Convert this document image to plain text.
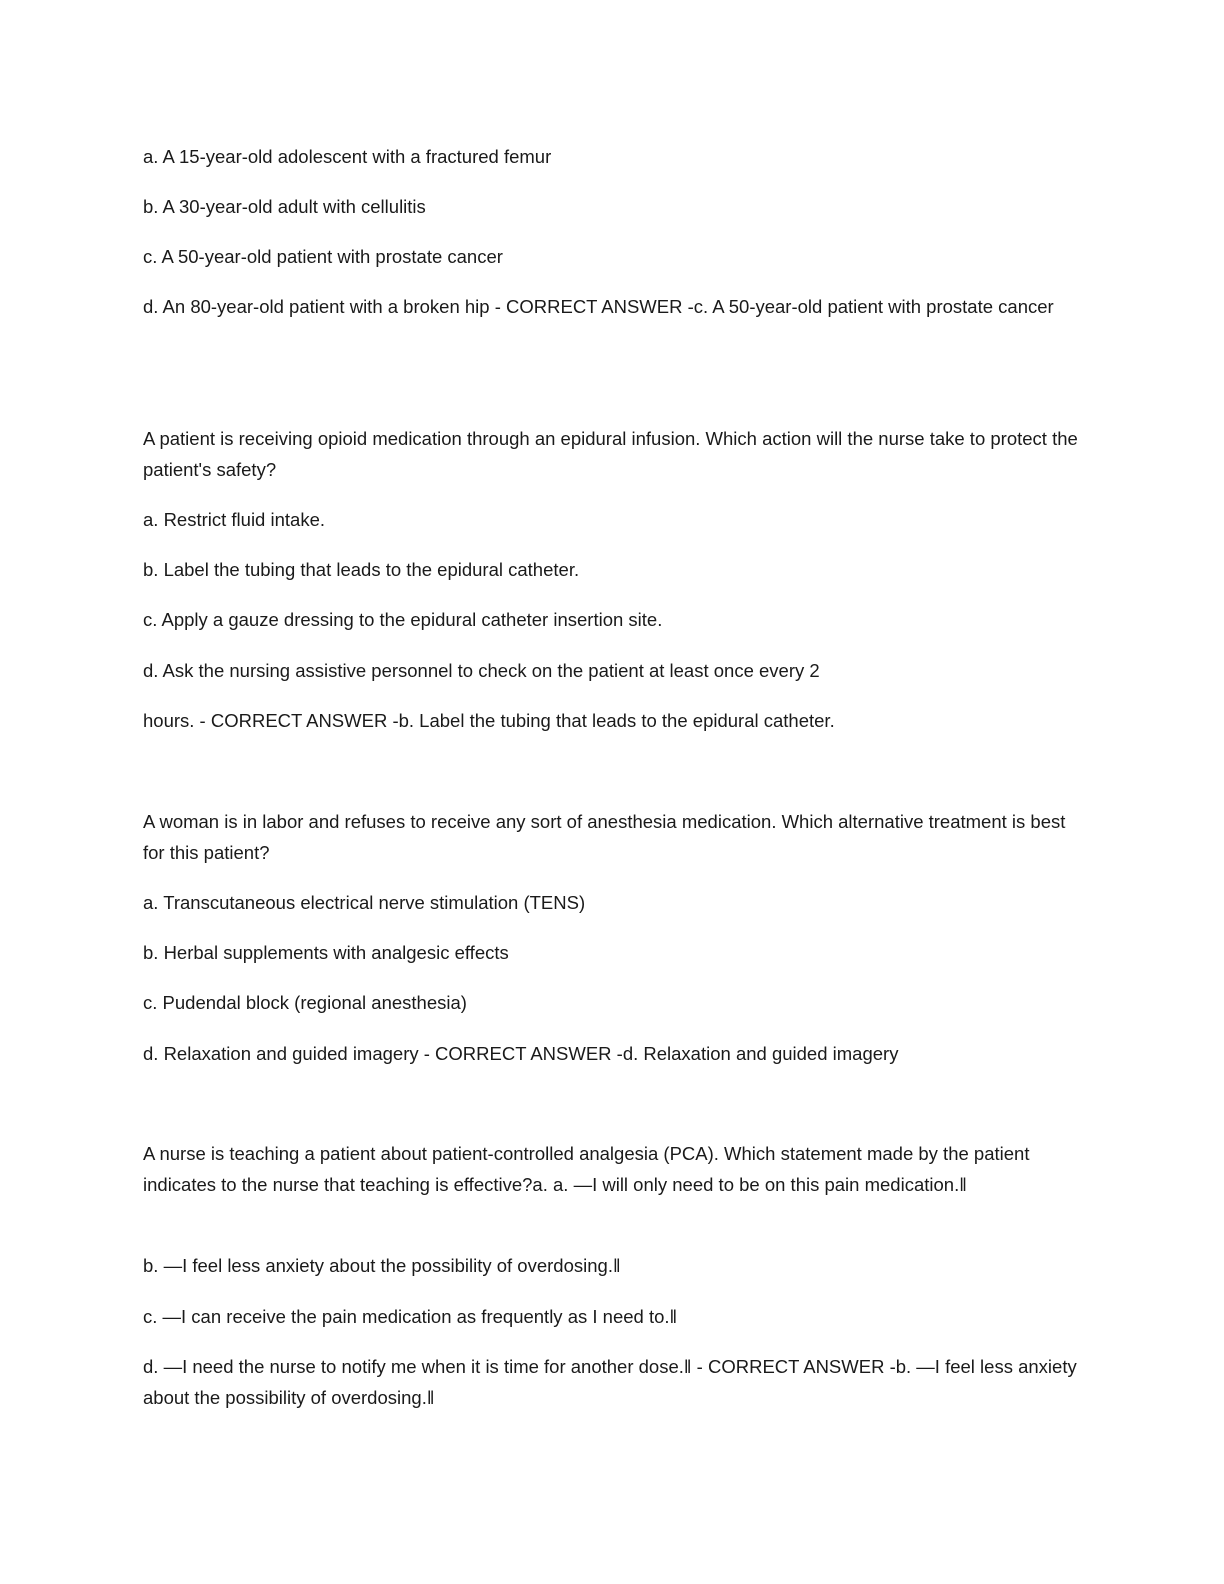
a. A 15-year-old adolescent with a fractured femur
b. A 30-year-old adult with cellulitis
c. A 50-year-old patient with prostate cancer
d. An 80-year-old patient with a broken hip - CORRECT ANSWER -c. A 50-year-old patient with prostate cancer
A patient is receiving opioid medication through an epidural infusion. Which action will the nurse take to protect the patient's safety?
a. Restrict fluid intake.
b. Label the tubing that leads to the epidural catheter.
c. Apply a gauze dressing to the epidural catheter insertion site.
d. Ask the nursing assistive personnel to check on the patient at least once every 2
hours. - CORRECT ANSWER -b. Label the tubing that leads to the epidural catheter.
A woman is in labor and refuses to receive any sort of anesthesia medication. Which alternative treatment is best for this patient?
a. Transcutaneous electrical nerve stimulation (TENS)
b. Herbal supplements with analgesic effects
c. Pudendal block (regional anesthesia)
d. Relaxation and guided imagery - CORRECT ANSWER -d. Relaxation and guided imagery
A nurse is teaching a patient about patient-controlled analgesia (PCA). Which statement made by the patient indicates to the nurse that teaching is effective?a. a. ―I will only need to be on this pain medication.‖
b. ―I feel less anxiety about the possibility of overdosing.‖
c. ―I can receive the pain medication as frequently as I need to.‖
d. ―I need the nurse to notify me when it is time for another dose.‖ - CORRECT ANSWER -b. ―I feel less anxiety about the possibility of overdosing.‖
